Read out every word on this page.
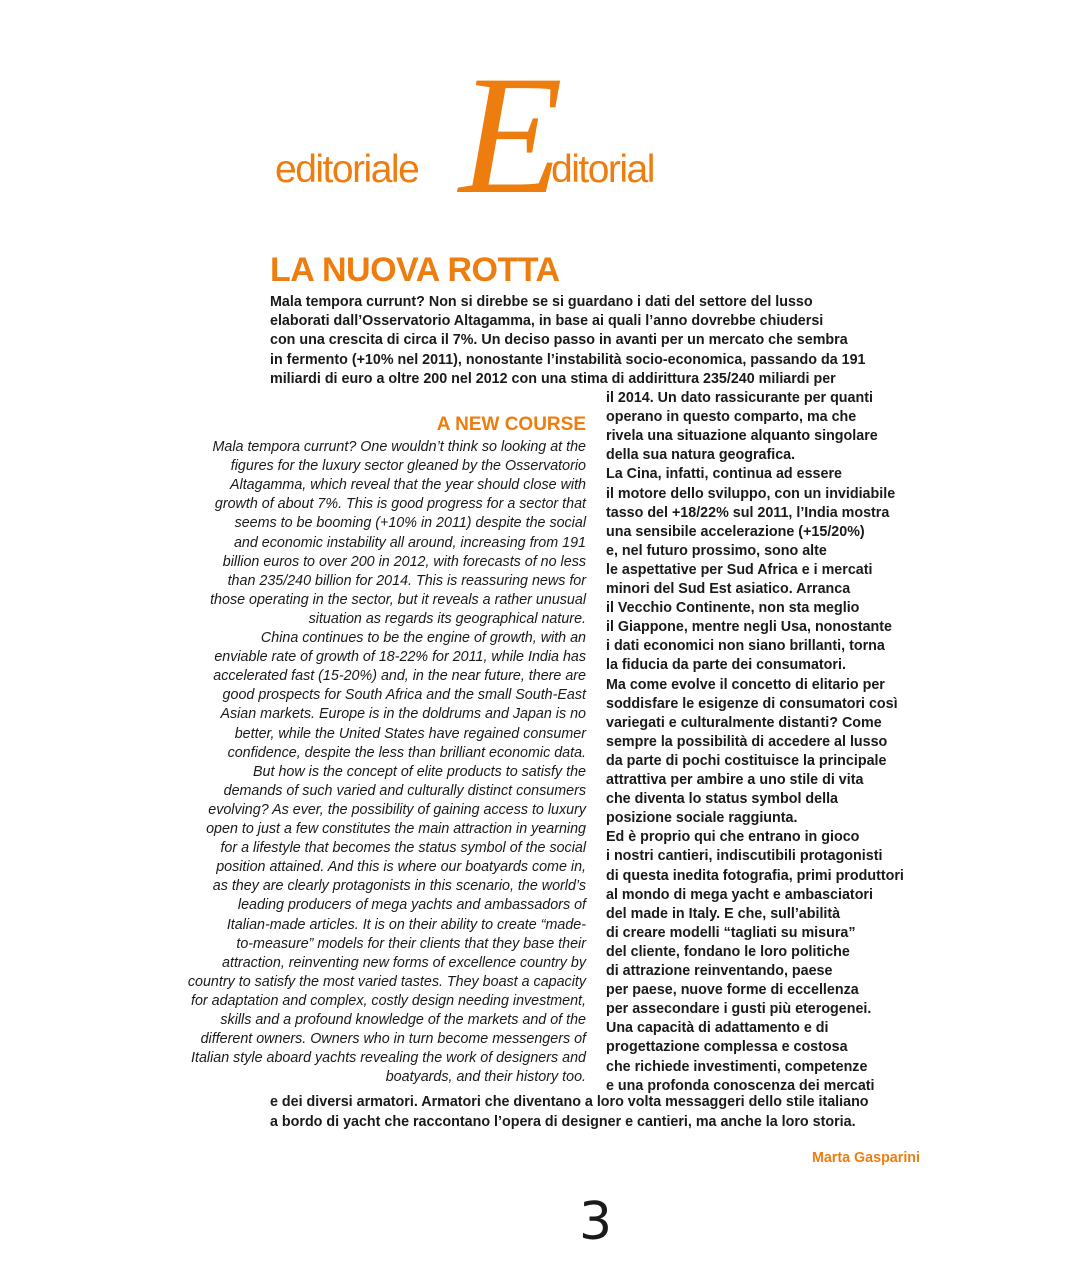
editoriale E
ditorial
LA NUOVA ROTTA
Mala tempora currunt? Non si direbbe se si guardano i dati del settore del lusso
elaborati dall’Osservatorio Altagamma, in base ai quali l’anno dovrebbe chiudersi
con una crescita di circa il 7%. Un deciso passo in avanti per un mercato che sembra
in fermento (+10% nel 2011), nonostante l’instabilità socio-economica, passando da 191
miliardi di euro a oltre 200 nel 2012 con una stima di addirittura 235/240 miliardi per
il 2014. Un dato rassicurante per quanti
operano in questo comparto, ma che
rivela una situazione alquanto singolare
della sua natura geografica.
La Cina, infatti, continua ad essere
il motore dello sviluppo, con un invidiabile
tasso del +18/22% sul 2011, l’India mostra
una sensibile accelerazione (+15/20%)
e, nel futuro prossimo, sono alte
le aspettative per Sud Africa e i mercati
minori del Sud Est asiatico. Arranca
il Vecchio Continente, non sta meglio
il Giappone, mentre negli Usa, nonostante
i dati economici non siano brillanti, torna
la fiducia da parte dei consumatori.
Ma come evolve il concetto di elitario per
soddisfare le esigenze di consumatori così
variegati e culturalmente distanti? Come
sempre la possibilità di accedere al lusso
da parte di pochi costituisce la principale
attrattiva per ambire a uno stile di vita
che diventa lo status symbol della
posizione sociale raggiunta.
Ed è proprio qui che entrano in gioco
i nostri cantieri, indiscutibili protagonisti
di questa inedita fotografia, primi produttori
al mondo di mega yacht e ambasciatori
del made in Italy. E che, sull’abilità
di creare modelli “tagliati su misura”
del cliente, fondano le loro politiche
di attrazione reinventando, paese
per paese, nuove forme di eccellenza
per assecondare i gusti più eterogenei.
Una capacità di adattamento e di
progettazione complessa e costosa
che richiede investimenti, competenze
e una profonda conoscenza dei mercati
e dei diversi armatori. Armatori che diventano a loro volta messaggeri dello stile italiano
a bordo di yacht che raccontano l’opera di designer e cantieri, ma anche la loro storia.
A NEW COURSE
Mala tempora currunt? One wouldn’t think so looking at the
figures for the luxury sector gleaned by the Osservatorio
Altagamma, which reveal that the year should close with
growth of about 7%. This is good progress for a sector that
seems to be booming (+10% in 2011) despite the social
and economic instability all around, increasing from 191
billion euros to over 200 in 2012, with forecasts of no less
than 235/240 billion for 2014. This is reassuring news for
those operating in the sector, but it reveals a rather unusual
situation as regards its geographical nature.
China continues to be the engine of growth, with an
enviable rate of growth of 18-22% for 2011, while India has
accelerated fast (15-20%) and, in the near future, there are
good prospects for South Africa and the small South-East
Asian markets. Europe is in the doldrums and Japan is no
better, while the United States have regained consumer
confidence, despite the less than brilliant economic data.
But how is the concept of elite products to satisfy the
demands of such varied and culturally distinct consumers
evolving? As ever, the possibility of gaining access to luxury
open to just a few constitutes the main attraction in yearning
for a lifestyle that becomes the status symbol of the social
position attained. And this is where our boatyards come in,
as they are clearly protagonists in this scenario, the world’s
leading producers of mega yachts and ambassadors of
Italian-made articles. It is on their ability to create “made-
to-measure” models for their clients that they base their
attraction, reinventing new forms of excellence country by
country to satisfy the most varied tastes. They boast a capacity
for adaptation and complex, costly design needing investment,
skills and a profound knowledge of the markets and of the
different owners. Owners who in turn become messengers of
Italian style aboard yachts revealing the work of designers and
boatyards, and their history too.
Marta Gasparini
3
